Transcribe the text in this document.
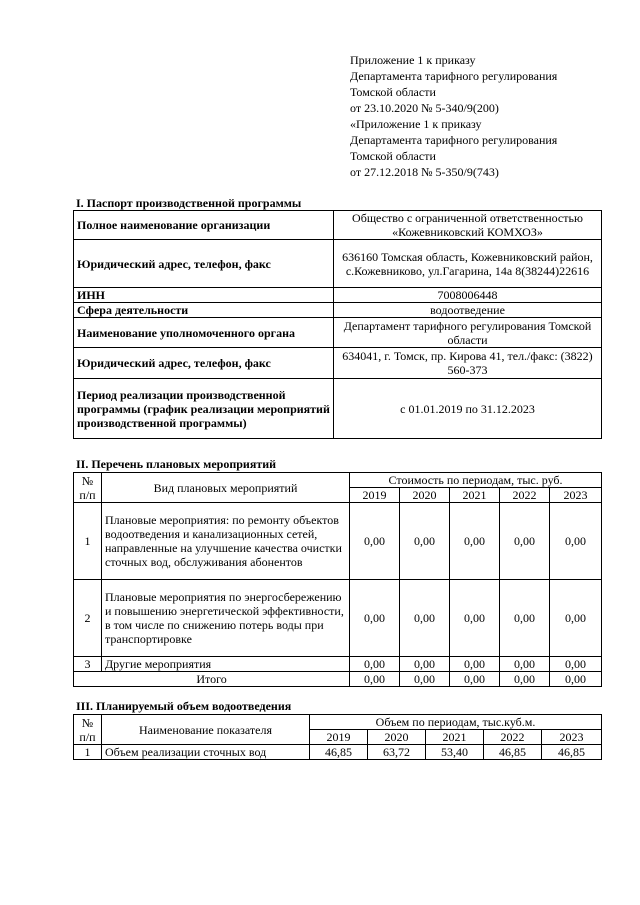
Приложение 1 к приказу
Департамента тарифного регулирования
Томской области
от 23.10.2020 № 5-340/9(200)
«Приложение 1 к приказу
Департамента тарифного регулирования
Томской области
от 27.12.2018 № 5-350/9(743)
I. Паспорт производственной программы
Полное наименование организации	Общество с ограниченной ответственностью «Кожевниковский КОМХОЗ»
Юридический адрес, телефон, факс	636160 Томская область, Кожевниковский район, с.Кожевниково, ул.Гагарина, 14а 8(38244)22616
ИНН	7008006448
Сфера деятельности	водоотведение
Наименование уполномоченного органа	Департамент тарифного регулирования Томской области
Юридический адрес, телефон, факс	634041, г. Томск, пр. Кирова 41, тел./факс: (3822) 560-373
Период реализации производственной программы (график реализации мероприятий производственной программы)	с 01.01.2019 по 31.12.2023
II. Перечень плановых мероприятий
№ п/п	Вид плановых мероприятий	Стоимость по периодам, тыс. руб.				
		2019	2020	2021	2022	2023
1	Плановые мероприятия: по ремонту объектов водоотведения и канализационных сетей, направленные на улучшение качества очистки сточных вод, обслуживания абонентов	0,00	0,00	0,00	0,00	0,00
2	Плановые мероприятия по энергосбережению и повышению энергетической эффективности, в том числе по снижению потерь воды при транспортировке	0,00	0,00	0,00	0,00	0,00
3	Другие мероприятия	0,00	0,00	0,00	0,00	0,00
Итого		0,00	0,00	0,00	0,00	0,00
III. Планируемый объем водоотведения
№ п/п	Наименование показателя	Объем по периодам, тыс.куб.м.				
		2019	2020	2021	2022	2023
1	Объем реализации сточных вод	46,85	63,72	53,40	46,85	46,85
